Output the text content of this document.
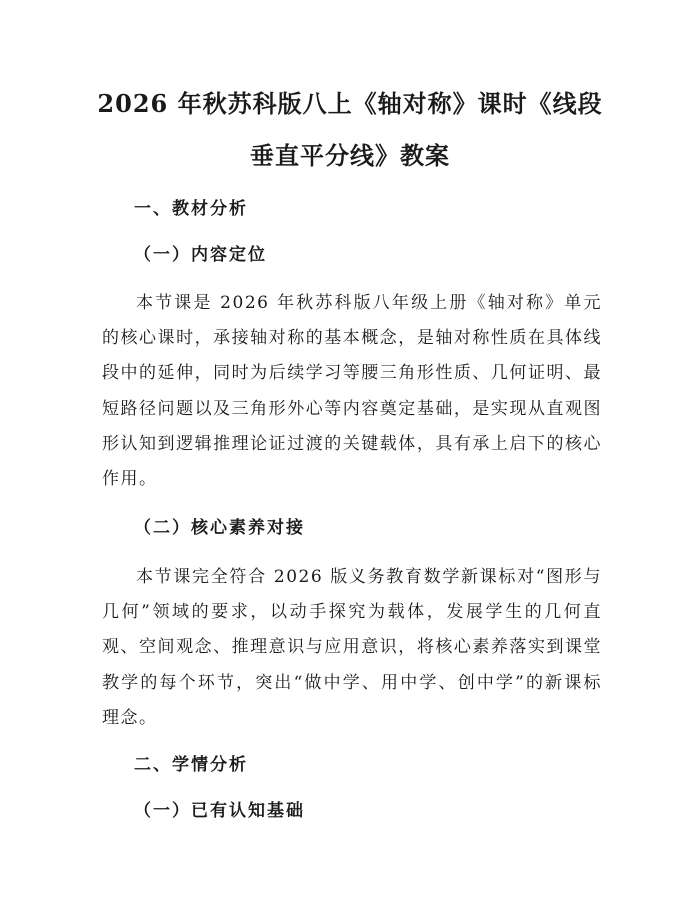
2026 年秋苏科版八上《轴对称》课时《线段
垂直平分线》教案
一、教材分析
（一）内容定位

本节课是 2026 年秋苏科版八年级上册《轴对称》单元的核心课时，承接轴对称的基本概念，是轴对称性质在具体线段中的延伸，同时为后续学习等腰三角形性质、几何证明、最短路径问题以及三角形外心等内容奠定基础，是实现从直观图形认知到逻辑推理论证过渡的关键载体，具有承上启下的核心作用。

（二）核心素养对接

本节课完全符合 2026 版义务教育数学新课标对“图形与几何”领域的要求，以动手探究为载体，发展学生的几何直观、空间观念、推理意识与应用意识，将核心素养落实到课堂教学的每个环节，突出“做中学、用中学、创中学”的新课标理念。

二、学情分析
（一）已有认知基础
